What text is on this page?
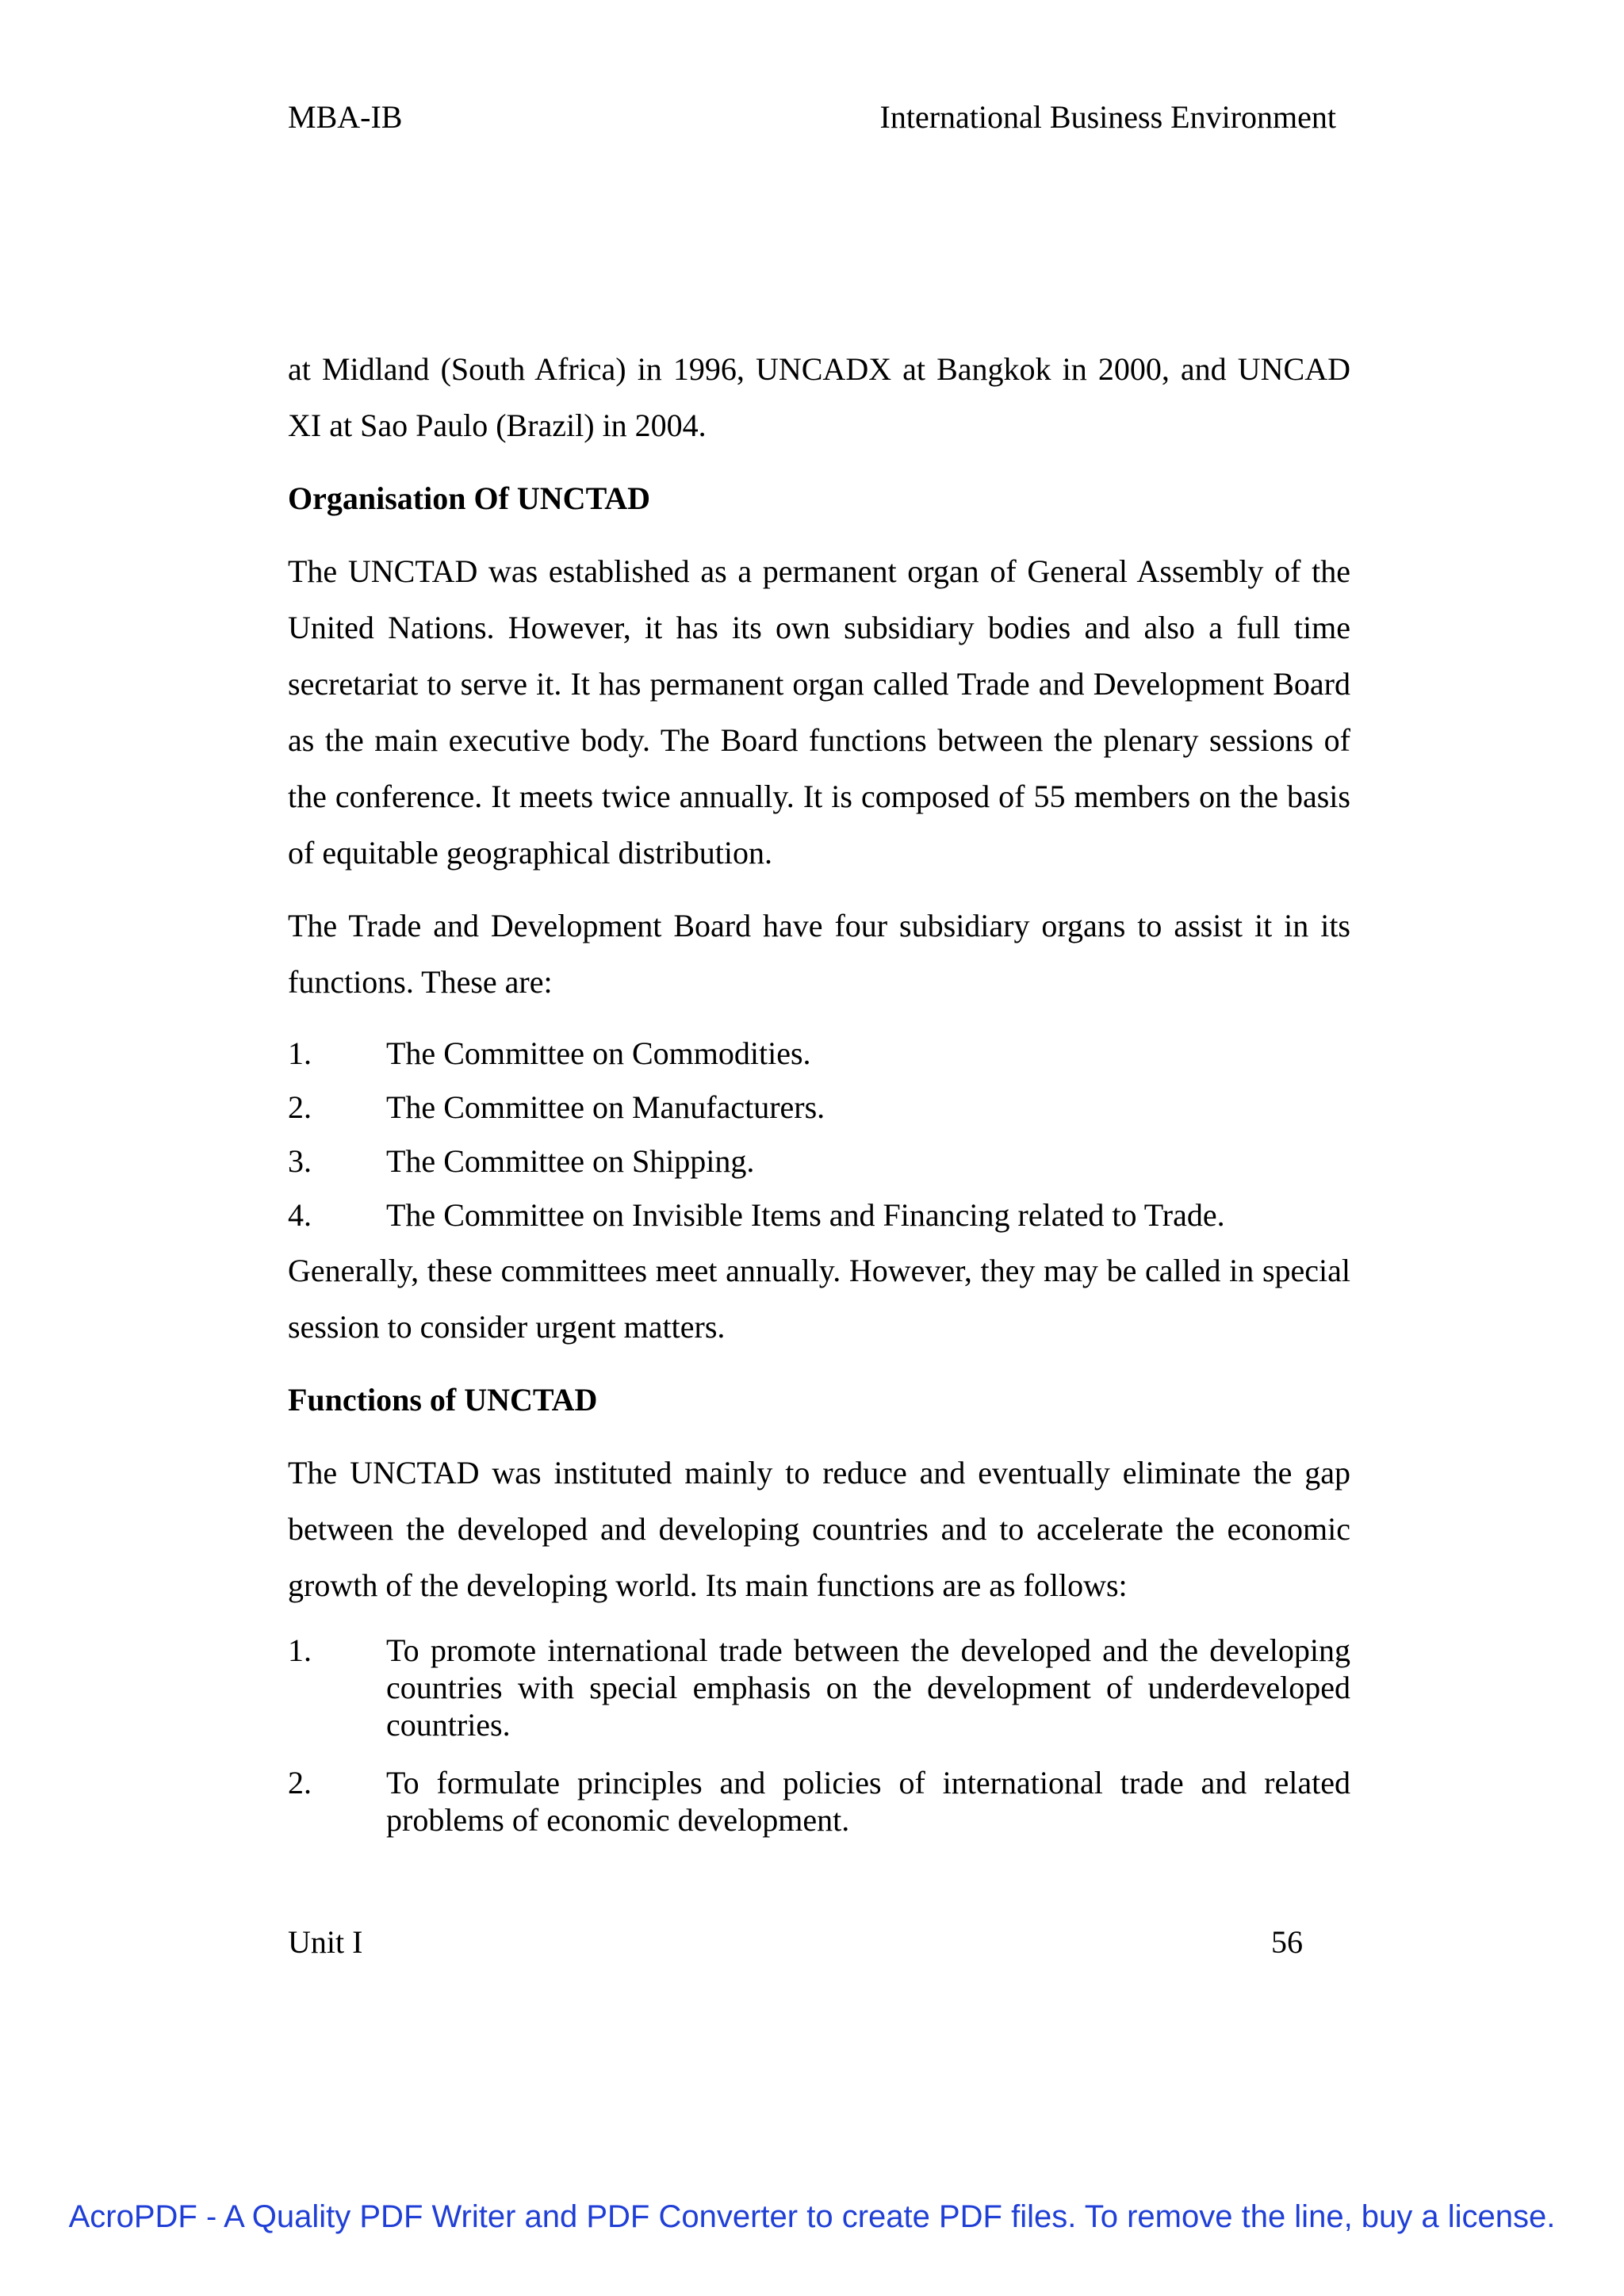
MBA-IB	International Business Environment

at Midland (South Africa) in 1996, UNCADX at Bangkok in 2000, and UNCAD XI at Sao Paulo (Brazil) in 2004.

Organisation Of UNCTAD

The UNCTAD was established as a permanent organ of General Assembly of the United Nations. However, it has its own subsidiary bodies and also a full time secretariat to serve it. It has permanent organ called Trade and Development Board as the main executive body. The Board functions between the plenary sessions of the conference. It meets twice annually. It is composed of 55 members on the basis of equitable geographical distribution.

The Trade and Development Board have four subsidiary organs to assist it in its functions. These are:

1. The Committee on Commodities.
2. The Committee on Manufacturers.
3. The Committee on Shipping.
4. The Committee on Invisible Items and Financing related to Trade.

Generally, these committees meet annually. However, they may be called in special session to consider urgent matters.

Functions of UNCTAD

The UNCTAD was instituted mainly to reduce and eventually eliminate the gap between the developed and developing countries and to accelerate the economic growth of the developing world. Its main functions are as follows:

1. To promote international trade between the developed and the developing countries with special emphasis on the development of underdeveloped countries.
2. To formulate principles and policies of international trade and related problems of economic development.
Unit I	56
AcroPDF - A Quality PDF Writer and PDF Converter to create PDF files. To remove the line, buy a license.
